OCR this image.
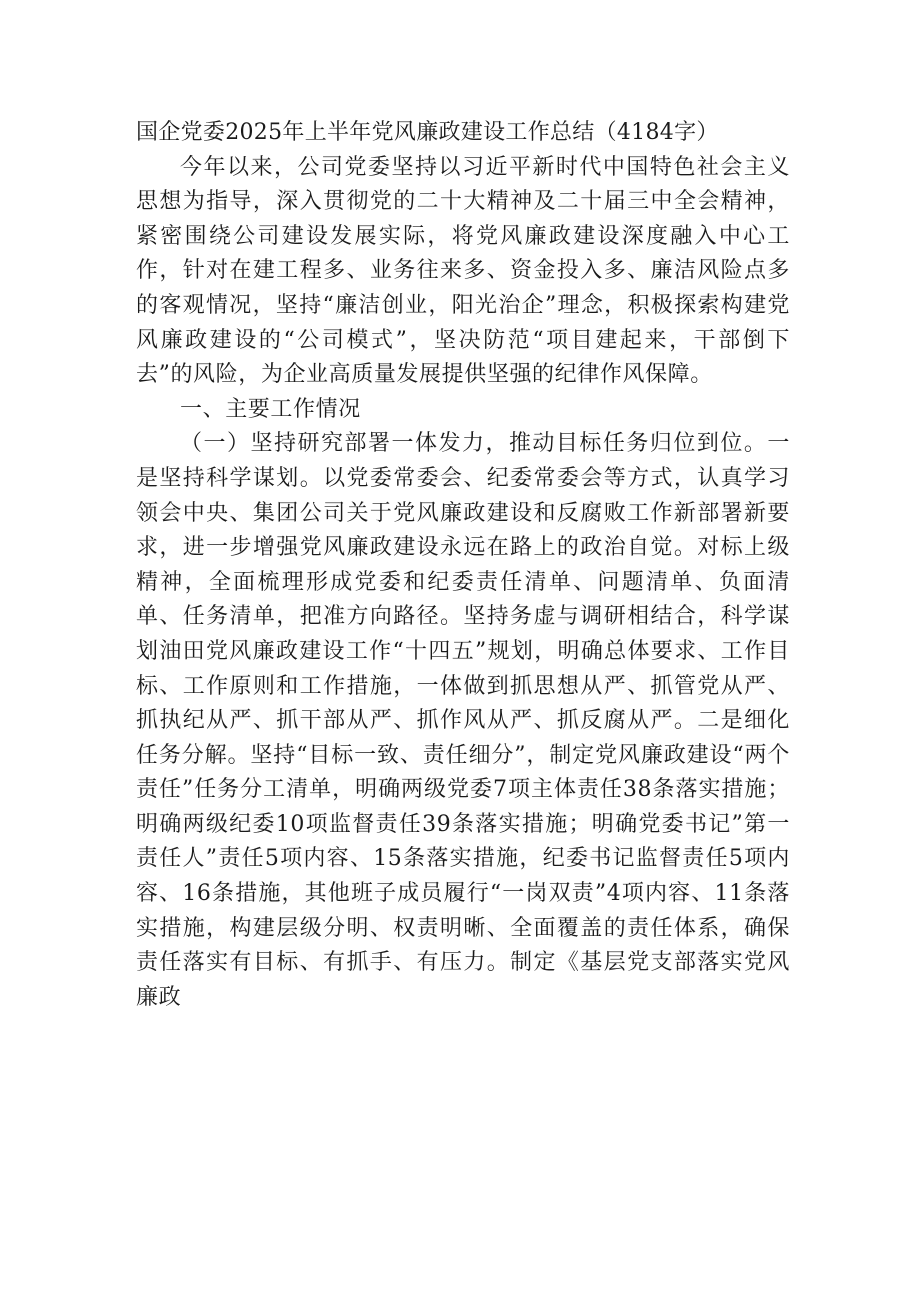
国企党委2025年上半年党风廉政建设工作总结（4184字）

今年以来，公司党委坚持以习近平新时代中国特色社会主义思想为指导，深入贯彻党的二十大精神及二十届三中全会精神，紧密围绕公司建设发展实际，将党风廉政建设深度融入中心工作，针对在建工程多、业务往来多、资金投入多、廉洁风险点多的客观情况，坚持“廉洁创业，阳光治企”理念，积极探索构建党风廉政建设的“公司模式”，坚决防范“项目建起来，干部倒下去”的风险，为企业高质量发展提供坚强的纪律作风保障。

一、主要工作情况

（一）坚持研究部署一体发力，推动目标任务归位到位。一是坚持科学谋划。以党委常委会、纪委常委会等方式，认真学习领会中央、集团公司关于党风廉政建设和反腐败工作新部署新要求，进一步增强党风廉政建设永远在路上的政治自觉。对标上级精神，全面梳理形成党委和纪委责任清单、问题清单、负面清单、任务清单，把准方向路径。坚持务虚与调研相结合，科学谋划油田党风廉政建设工作“十四五”规划，明确总体要求、工作目标、工作原则和工作措施，一体做到抓思想从严、抓管党从严、抓执纪从严、抓干部从严、抓作风从严、抓反腐从严。二是细化任务分解。坚持“目标一致、责任细分”，制定党风廉政建设“两个责任”任务分工清单，明确两级党委7项主体责任38条落实措施；明确两级纪委10项监督责任39条落实措施；明确党委书记”第一责任人”责任5项内容、15条落实措施，纪委书记监督责任5项内容、16条措施，其他班子成员履行“一岗双责”4项内容、11条落实措施，构建层级分明、权责明晰、全面覆盖的责任体系，确保责任落实有目标、有抓手、有压力。制定《基层党支部落实党风廉政
